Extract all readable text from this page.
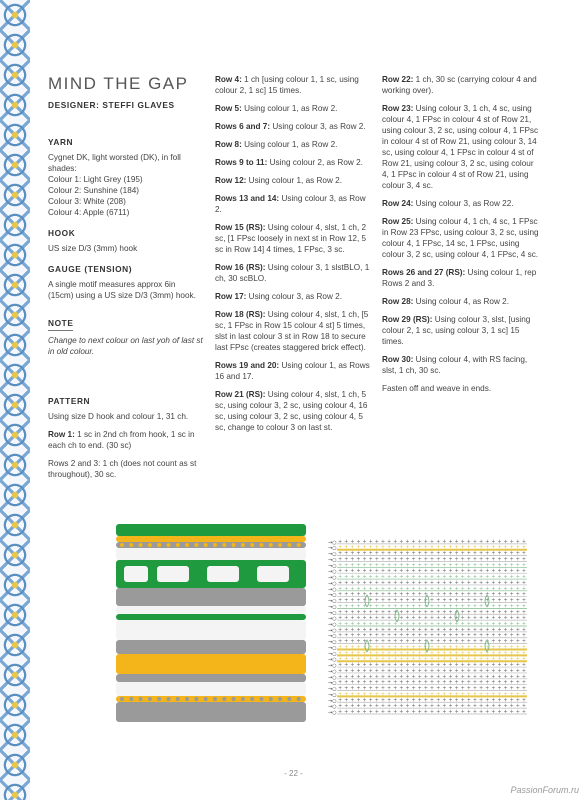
MIND THE GAP
DESIGNER: STEFFI GLAVES
YARN
Cygnet DK, light worsted (DK), in foll shades:
Colour 1: Light Grey (195)
Colour 2: Sunshine (184)
Colour 3: White (208)
Colour 4: Apple (6711)
HOOK
US size D/3 (3mm) hook
GAUGE (TENSION)
A single motif measures approx 6in (15cm) using a US size D/3 (3mm) hook.
NOTE
Change to next colour on last yoh of last st in old colour.
PATTERN
Using size D hook and colour 1, 31 ch.
Row 1: 1 sc in 2nd ch from hook, 1 sc in each ch to end. (30 sc)
Rows 2 and 3: 1 ch (does not count as st throughout), 30 sc.
Row 4: 1 ch [using colour 1, 1 sc, using colour 2, 1 sc] 15 times.
Row 5: Using colour 1, as Row 2.
Rows 6 and 7: Using colour 3, as Row 2.
Row 8: Using colour 1, as Row 2.
Rows 9 to 11: Using colour 2, as Row 2.
Row 12: Using colour 1, as Row 2.
Rows 13 and 14: Using colour 3, as Row 2.
Row 15 (RS): Using colour 4, slst, 1 ch, 2 sc, [1 FPsc loosely in next st in Row 12, 5 sc in Row 14] 4 times, 1 FPsc, 3 sc.
Row 16 (RS): Using colour 3, 1 slstBLO, 1 ch, 30 scBLO.
Row 17: Using colour 3, as Row 2.
Row 18 (RS): Using colour 4, slst, 1 ch, [5 sc, 1 FPsc in Row 15 colour 4 st] 5 times, slst in last colour 3 st in Row 18 to secure last FPsc (creates staggered brick effect).
Rows 19 and 20: Using colour 1, as Rows 16 and 17.
Row 21 (RS): Using colour 4, slst, 1 ch, 5 sc, using colour 3, 2 sc, using colour 4, 16 sc, using colour 3, 2 sc, using colour 4, 5 sc, change to colour 3 on last st.
Row 22: 1 ch, 30 sc (carrying colour 4 and working over).
Row 23: Using colour 3, 1 ch, 4 sc, using colour 4, 1 FPsc in colour 4 st of Row 21, using colour 3, 2 sc, using colour 4, 1 FPsc in colour 4 st of Row 21, using colour 3, 14 sc, using colour 4, 1 FPsc in colour 4 st of Row 21, using colour 3, 2 sc, using colour 4, 1 FPsc in colour 4 st of Row 21, using colour 3, 4 sc.
Row 24: Using colour 3, as Row 22.
Row 25: Using colour 4, 1 ch, 4 sc, 1 FPsc in Row 23 FPsc, using colour 3, 2 sc, using colour 4, 1 FPsc, 14 sc, 1 FPsc, using colour 3, 2 sc, using colour 4, 1 FPsc, 4 sc.
Rows 26 and 27 (RS): Using colour 1, rep Rows 2 and 3.
Row 28: Using colour 4, as Row 2.
Row 29 (RS): Using colour 3, slst, [using colour 2, 1 sc, using colour 3, 1 sc] 15 times.
Row 30: Using colour 4, with RS facing, slst, 1 ch, 30 sc.
Fasten off and weave in ends.
+ + + + + + + + + + + + + + + + + + + + + + + + + + + + + + +
→○
+ + + + + + + + + + + + + + + + + + + + + + + + + + + + + + +
→○
+ + + + + + + + + + + + + + + + + + + + + + + + + + + + + + +
→○
+ + + + + + + + + + + + + + + + + + + + + + + + + + + + + + +
→○
+ + + + + + + + + + + + + + + + + + + + + + + + + + + + + + +
→○
+ + + + + + + + + + + + + + + + + + + + + + + + + + + + + + +
→○
+ + + + + + + + + + + + + + + + + + + + + + + + + + + + + + +
→○
+ + + + + + + + + + + + + + + + + + + + + + + + + + + + + + +
→○
+ + + + + + + + + + + + + + + + + + + + + + + + + + + + + + +
→○
+ + + + + + + + + + + + + + + + + + + + + + + + + + + + + + +
→○
+ + + + + + + + + + + + + + + + + + + + + + + + + + + + + + +
→○
+ + + + + + + + + + + + + + + + + + + + + + + + + + + + + + +
→○
+ + + + + + + + + + + + + + + + + + + + + + + + + + + + + + +
→○
+ + + + + + + + + + + + + + + + + + + + + + + + + + + + + + +
→○
+ + + + + + + + + + + + + + + + + + + + + + + + + + + + + + +
→○
+ + + + + + + + + + + + + + + + + + + + + + + + + + + + + + +
→○
+ + + + + + + + + + + + + + + + + + + + + + + + + + + + + + +
→○
+ + + + + + + + + + + + + + + + + + + + + + + + + + + + + + +
→○
+ + + + + + + + + + + + + + + + + + + + + + + + + + + + + + +
→○
+ + + + + + + + + + + + + + + + + + + + + + + + + + + + + + +
→○
+ + + + + + + + + + + + + + + + + + + + + + + + + + + + + + +
→○
+ + + + + + + + + + + + + + + + + + + + + + + + + + + + + + +
→○
+ + + + + + + + + + + + + + + + + + + + + + + + + + + + + + +
→○
+ + + + + + + + + + + + + + + + + + + + + + + + + + + + + + +
→○
+ + + + + + + + + + + + + + + + + + + + + + + + + + + + + + +
→○
+ + + + + + + + + + + + + + + + + + + + + + + + + + + + + + +
→○
+ + + + + + + + + + + + + + + + + + + + + + + + + + + + + + +
→○
+ + + + + + + + + + + + + + + + + + + + + + + + + + + + + + +
→○
+ + + + + + + + + + + + + + + + + + + + + + + + + + + + + + +
→○
+ + + + + + + + + + + + + + + + + + + + + + + + + + + + + + +
→○
- 22 -
PassionForum.ru
